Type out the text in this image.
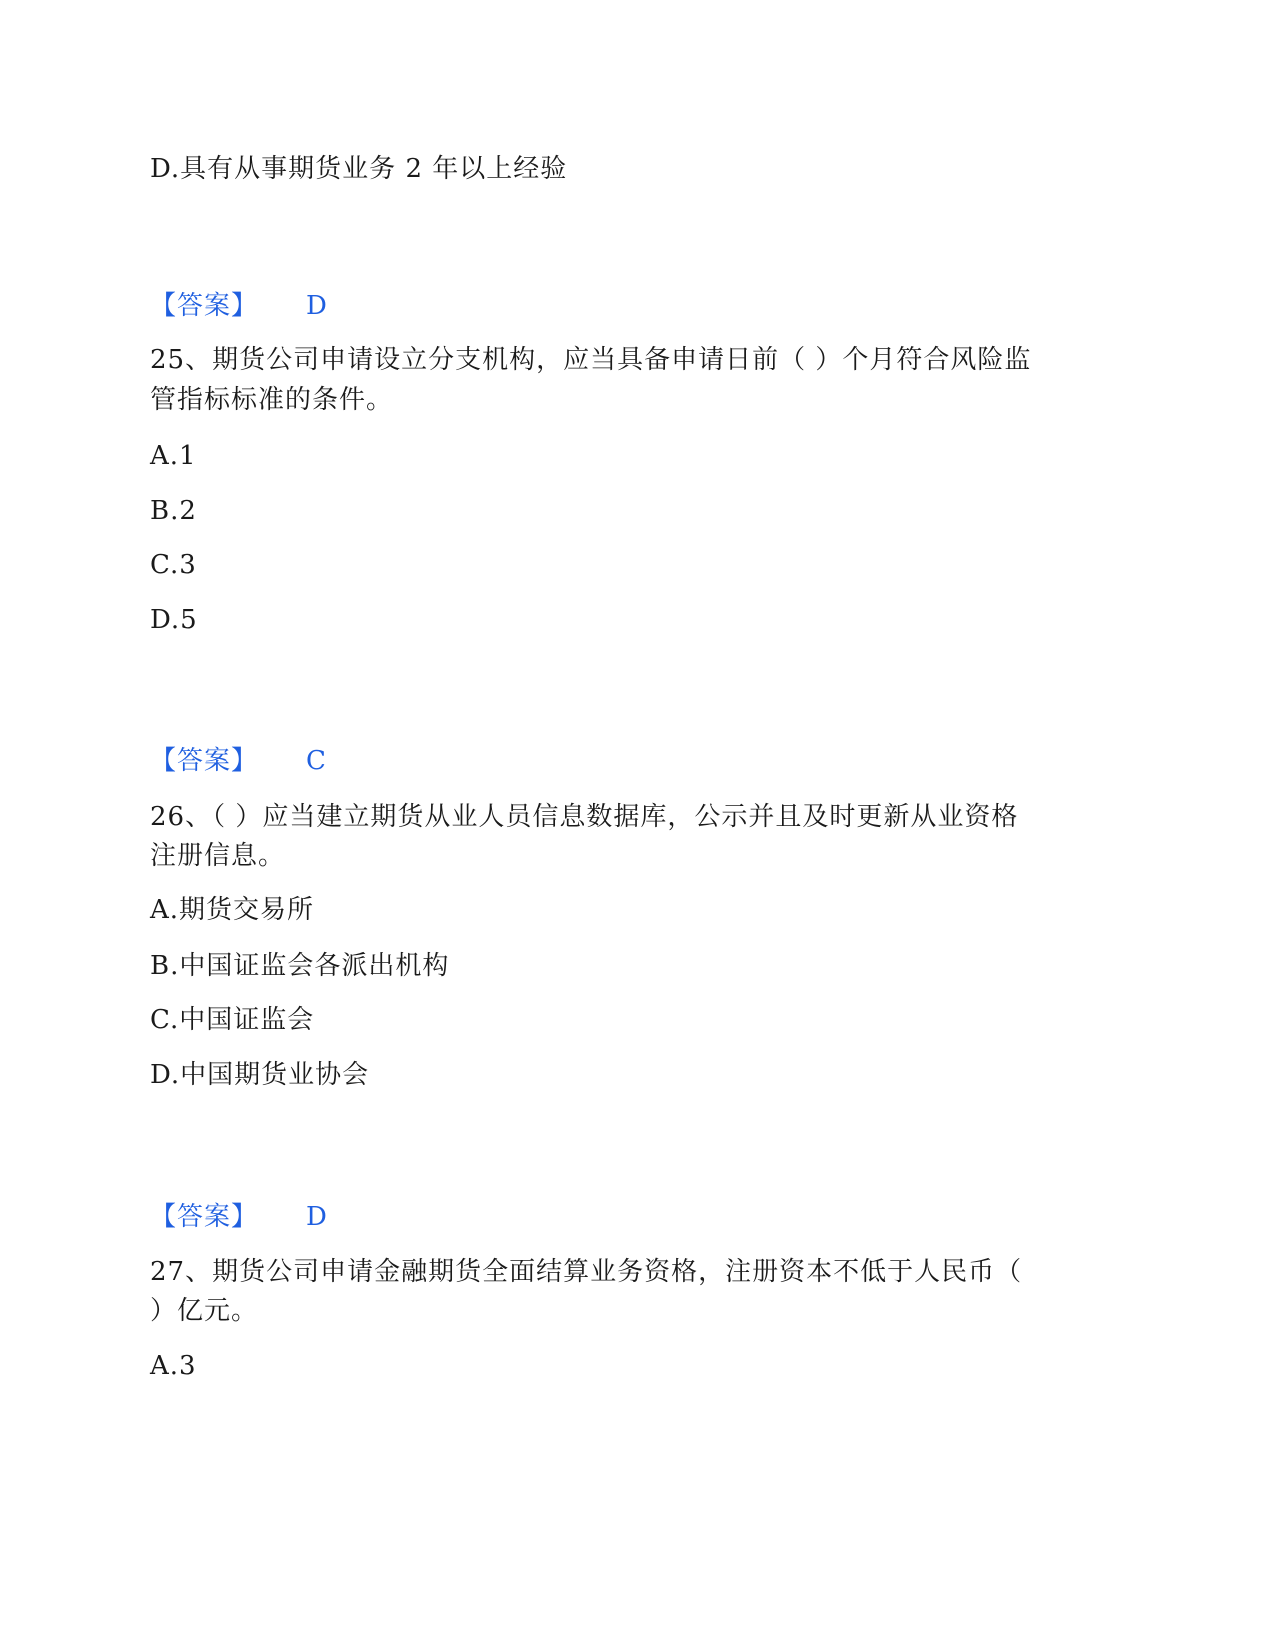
D.具有从事期货业务 2 年以上经验
【答案】 D
25、期货公司申请设立分支机构，应当具备申请日前（ ）个月符合风险监
管指标标准的条件。
A.1
B.2
C.3
D.5
【答案】 C
26、（ ）应当建立期货从业人员信息数据库，公示并且及时更新从业资格
注册信息。
A.期货交易所
B.中国证监会各派出机构
C.中国证监会
D.中国期货业协会
【答案】 D
27、期货公司申请金融期货全面结算业务资格，注册资本不低于人民币（
）亿元。
A.3
